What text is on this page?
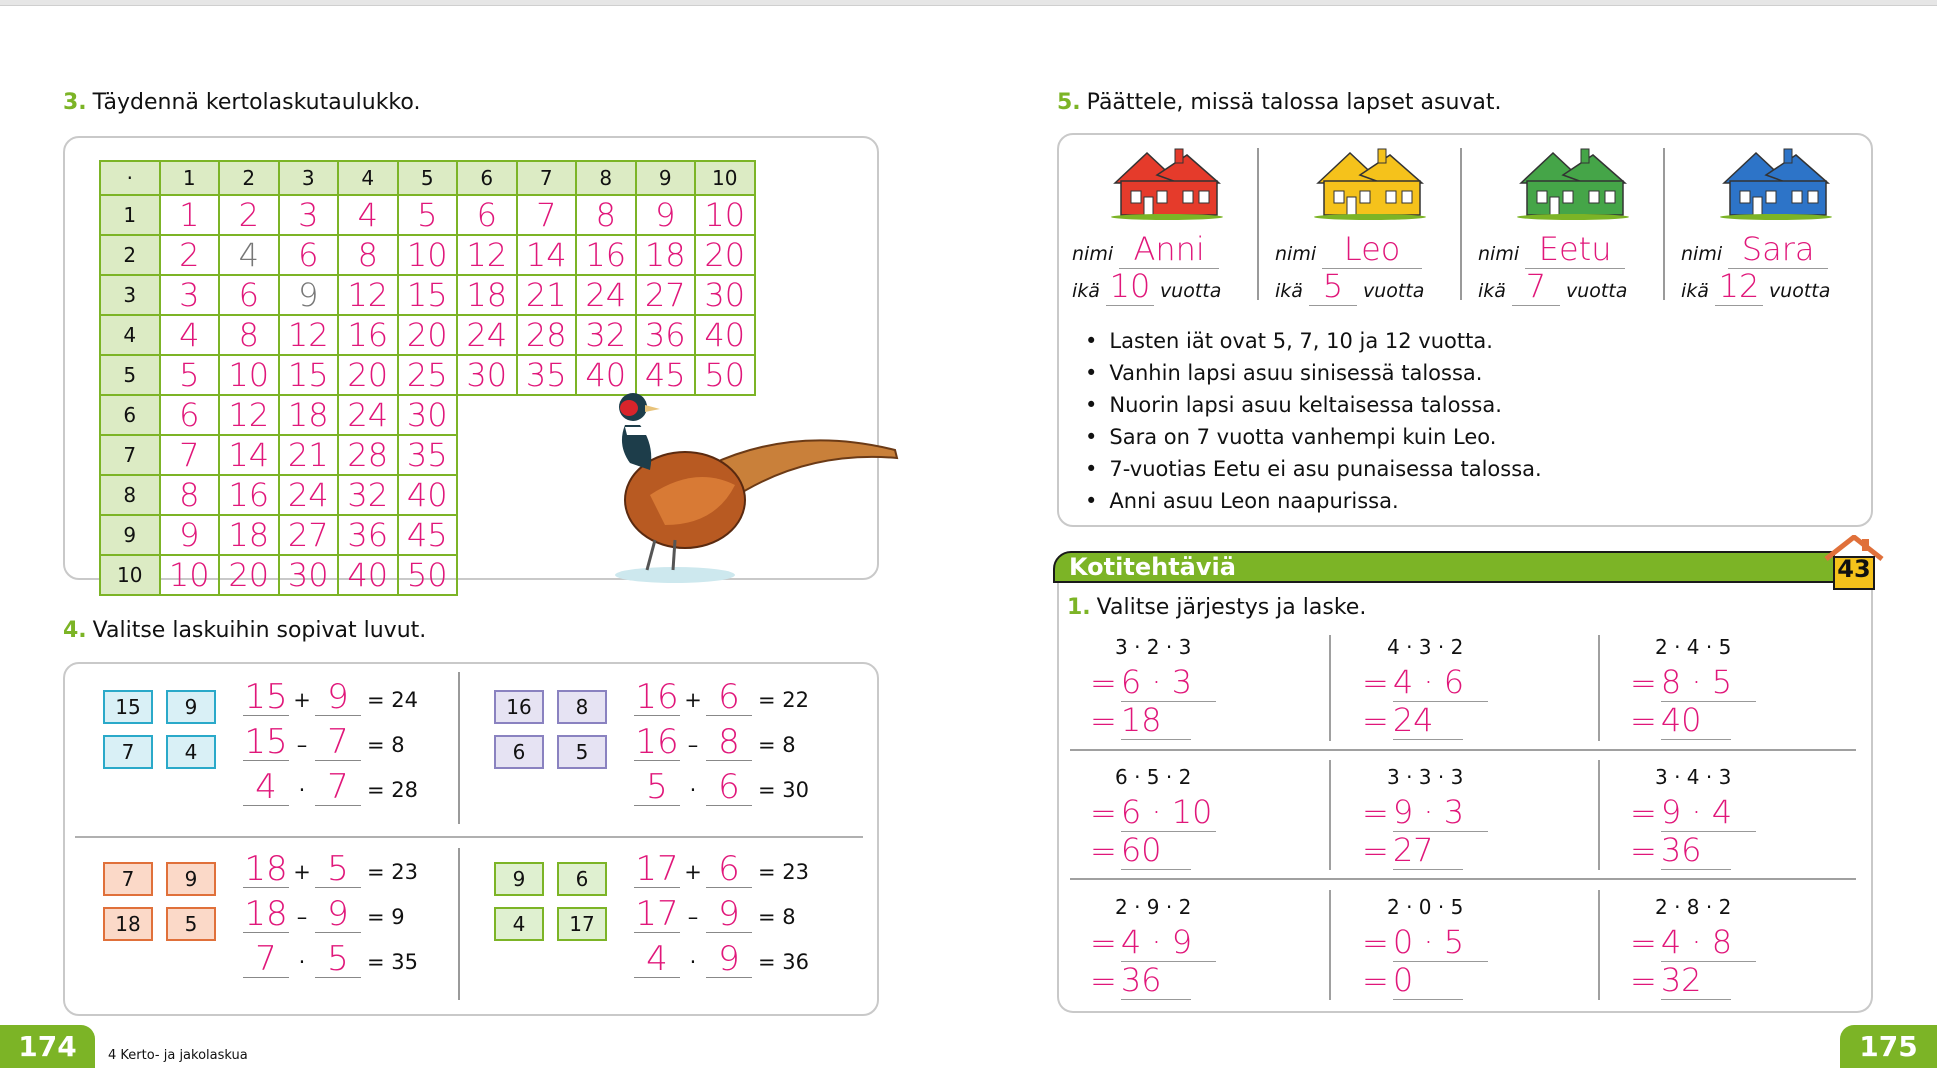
3. Täydennä kertolaskutaulukko.
·	1	2	3	4	5	6	7	8	9	10
1	1	2	3	4	5	6	7	8	9	10
2	2	4	6	8	10	12	14	16	18	20
3	3	6	9	12	15	18	21	24	27	30
4	4	8	12	16	20	24	28	32	36	40
5	5	10	15	20	25	30	35	40	45	50
6	6	12	18	24	30					
7	7	14	21	28	35					
8	8	16	24	32	40					
9	9	18	27	36	45					
10	10	20	30	40	50					
4. Valitse laskuihin sopivat luvut.
15	9
7	4
15 + 9 = 24
15 – 7 = 8
4	· 7 = 28
16	8
6	5
16 + 6 = 22
16 – 8 = 8
5	· 6 = 30
7	9
18	5
18 + 5 = 23
18 – 9 = 9
7	· 5 = 35
9	6
4	17
17 + 6 = 23
17 – 9 = 8
4	· 9 = 36
5. Päättele, missä talossa lapset asuvat.
nimi Anni
ikä 10 vuotta
nimi Leo
ikä 5 vuotta
nimi Eetu
ikä 7 vuotta
nimi Sara
ikä 12 vuotta
• Lasten iät ovat 5, 7, 10 ja 12 vuotta.
• Vanhin lapsi asuu sinisessä talossa.
• Nuorin lapsi asuu keltaisessa talossa.
• Sara on 7 vuotta vanhempi kuin Leo.
• 7-vuotias Eetu ei asu punaisessa talossa.
• Anni asuu Leon naapurissa.
Kotitehtäviä	43
1. Valitse järjestys ja laske.
3 · 2 · 3
= 6 · 3
= 18
4 · 3 · 2
= 4 · 6
= 24
2 · 4 · 5
= 8 · 5
= 40
6 · 5 · 2
= 6 · 10
= 60
3 · 3 · 3
= 9 · 3
= 27
3 · 4 · 3
= 9 · 4
= 36
2 · 9 · 2
= 4 · 9
= 36
2 · 0 · 5
= 0 · 5
= 0
2 · 8 · 2
= 4 · 8
= 32
174 4 Kerto- ja jakolaskua	175
